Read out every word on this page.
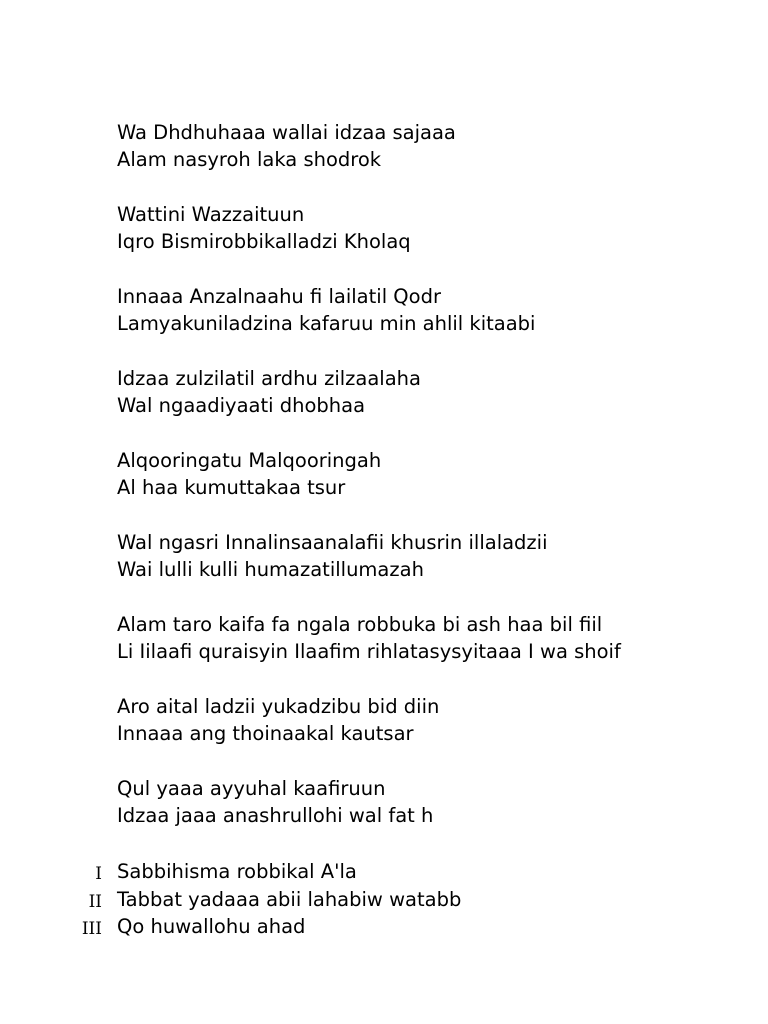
Wa Dhdhuhaaa wallai idzaa sajaaa
Alam nasyroh laka shodrok
Wattini Wazzaituun
Iqro Bismirobbikalladzi Kholaq
Innaaa Anzalnaahu fi lailatil Qodr
Lamyakuniladzina kafaruu min ahlil kitaabi
Idzaa zulzilatil ardhu zilzaalaha
Wal ngaadiyaati dhobhaa
Alqooringatu Malqooringah
Al haa kumuttakaa tsur
Wal ngasri Innalinsaanalafii khusrin illaladzii
Wai lulli kulli humazatillumazah
Alam taro kaifa fa ngala robbuka bi ash haa bil fiil
Li Iilaafi quraisyin Ilaafim rihlatasysyitaaa I wa shoif
Aro aital ladzii yukadzibu bid diin
Innaaa ang thoinaakal kautsar
Qul yaaa ayyuhal kaafiruun
Idzaa jaaa anashrullohi wal fat h
I Sabbihisma robbikal A'la
II Tabbat yadaaa abii lahabiw watabb
III Qo huwallohu ahad
